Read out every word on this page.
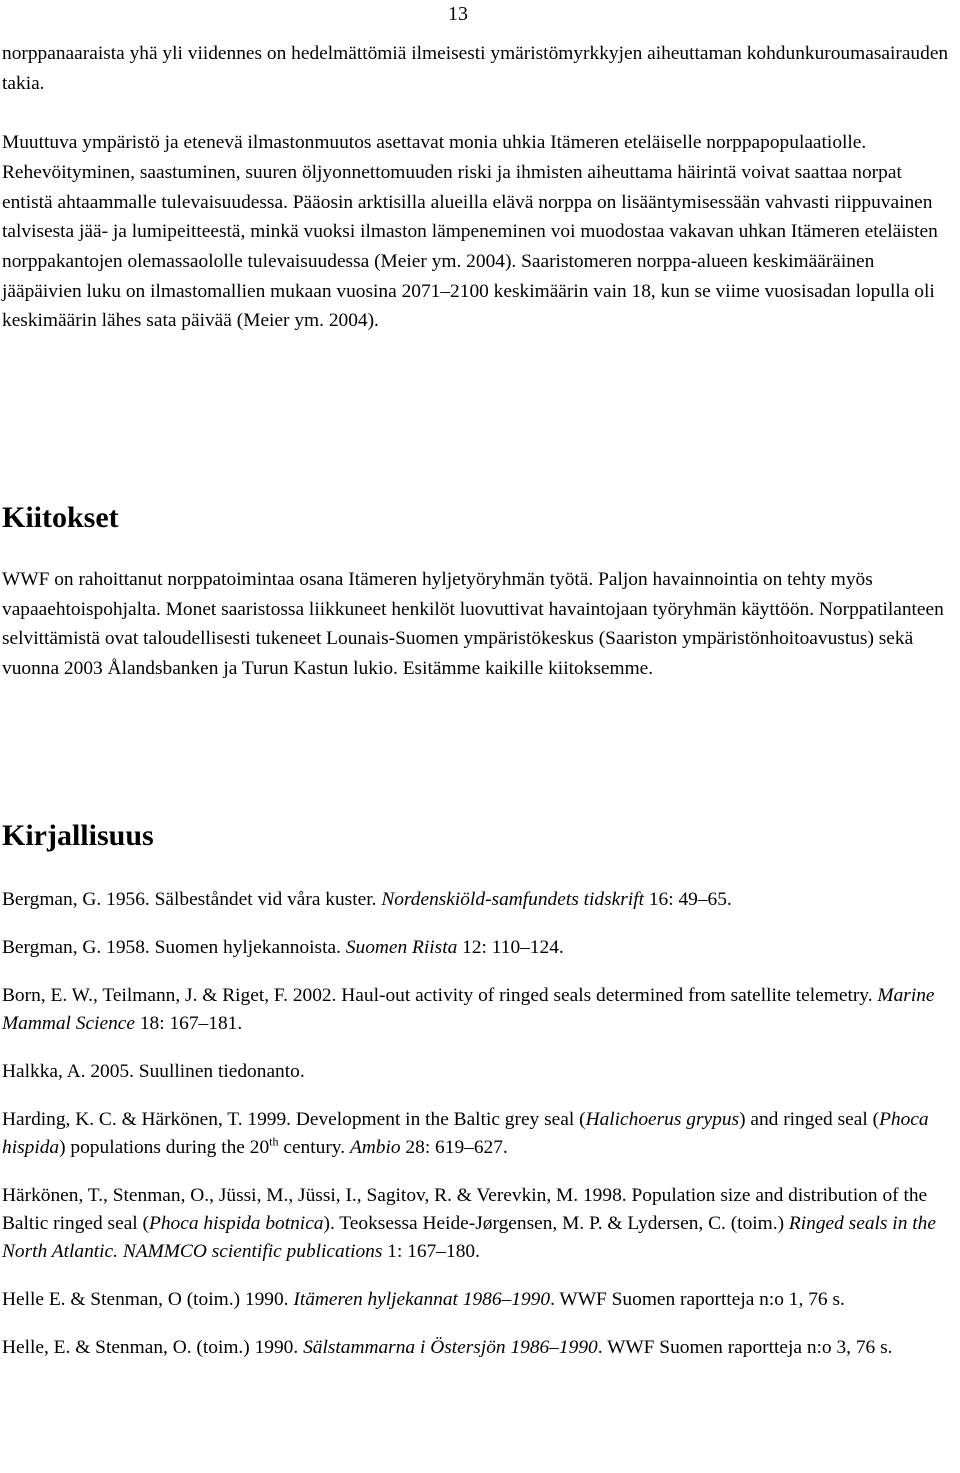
13

norppanaaraista yhä yli viidennes on hedelmättömiä ilmeisesti ymäristömyrkkyjen aiheuttaman kohdunkuroumasairauden takia.

Muuttuva ympäristö ja etenevä ilmastonmuutos asettavat monia uhkia Itämeren eteläiselle norppapopulaatiolle. Rehevöityminen, saastuminen, suuren öljyonnettomuuden riski ja ihmisten aiheuttama häirintä voivat saattaa norpat entistä ahtaammalle tulevaisuudessa. Pääosin arktisilla alueilla elävä norppa on lisääntymisessään vahvasti riippuvainen talvisesta jää- ja lumipeitteestä, minkä vuoksi ilmaston lämpeneminen voi muodostaa vakavan uhkan Itämeren eteläisten norppakantojen olemassaololle tulevaisuudessa (Meier ym. 2004). Saaristomeren norppa-alueen keskimääräinen jääpäivien luku on ilmastomallien mukaan vuosina 2071–2100 keskimäärin vain 18, kun se viime vuosisadan lopulla oli keskimäärin lähes sata päivää (Meier ym. 2004).

Kiitokset

WWF on rahoittanut norppatoimintaa osana Itämeren hyljetyöryhmän työtä. Paljon havainnointia on tehty myös vapaaehtoispohjalta. Monet saaristossa liikkuneet henkilöt luovuttivat havaintojaan työryhmän käyttöön. Norppatilanteen selvittämistä ovat taloudellisesti tukeneet Lounais-Suomen ympäristökeskus (Saariston ympäristönhoitoavustus) sekä vuonna 2003 Ålandsbanken ja Turun Kastun lukio. Esitämme kaikille kiitoksemme.

Kirjallisuus

Bergman, G. 1956. Sälbeståndet vid våra kuster. Nordenskiöld-samfundets tidskrift 16: 49–65.

Bergman, G. 1958. Suomen hyljekannoista. Suomen Riista 12: 110–124.

Born, E. W., Teilmann, J. & Riget, F. 2002. Haul-out activity of ringed seals determined from satellite telemetry. Marine Mammal Science 18: 167–181.

Halkka, A. 2005. Suullinen tiedonanto.

Harding, K. C. & Härkönen, T. 1999. Development in the Baltic grey seal (Halichoerus grypus) and ringed seal (Phoca hispida) populations during the 20th century. Ambio 28: 619–627.

Härkönen, T., Stenman, O., Jüssi, M., Jüssi, I., Sagitov, R. & Verevkin, M. 1998. Population size and distribution of the Baltic ringed seal (Phoca hispida botnica). Teoksessa Heide-Jørgensen, M. P. & Lydersen, C. (toim.) Ringed seals in the North Atlantic. NAMMCO scientific publications 1: 167–180.

Helle E. & Stenman, O (toim.) 1990. Itämeren hyljekannat 1986–1990. WWF Suomen raportteja n:o 1, 76 s.

Helle, E. & Stenman, O. (toim.) 1990. Sälstammarna i Östersjön 1986–1990. WWF Suomen raportteja n:o 3, 76 s.
